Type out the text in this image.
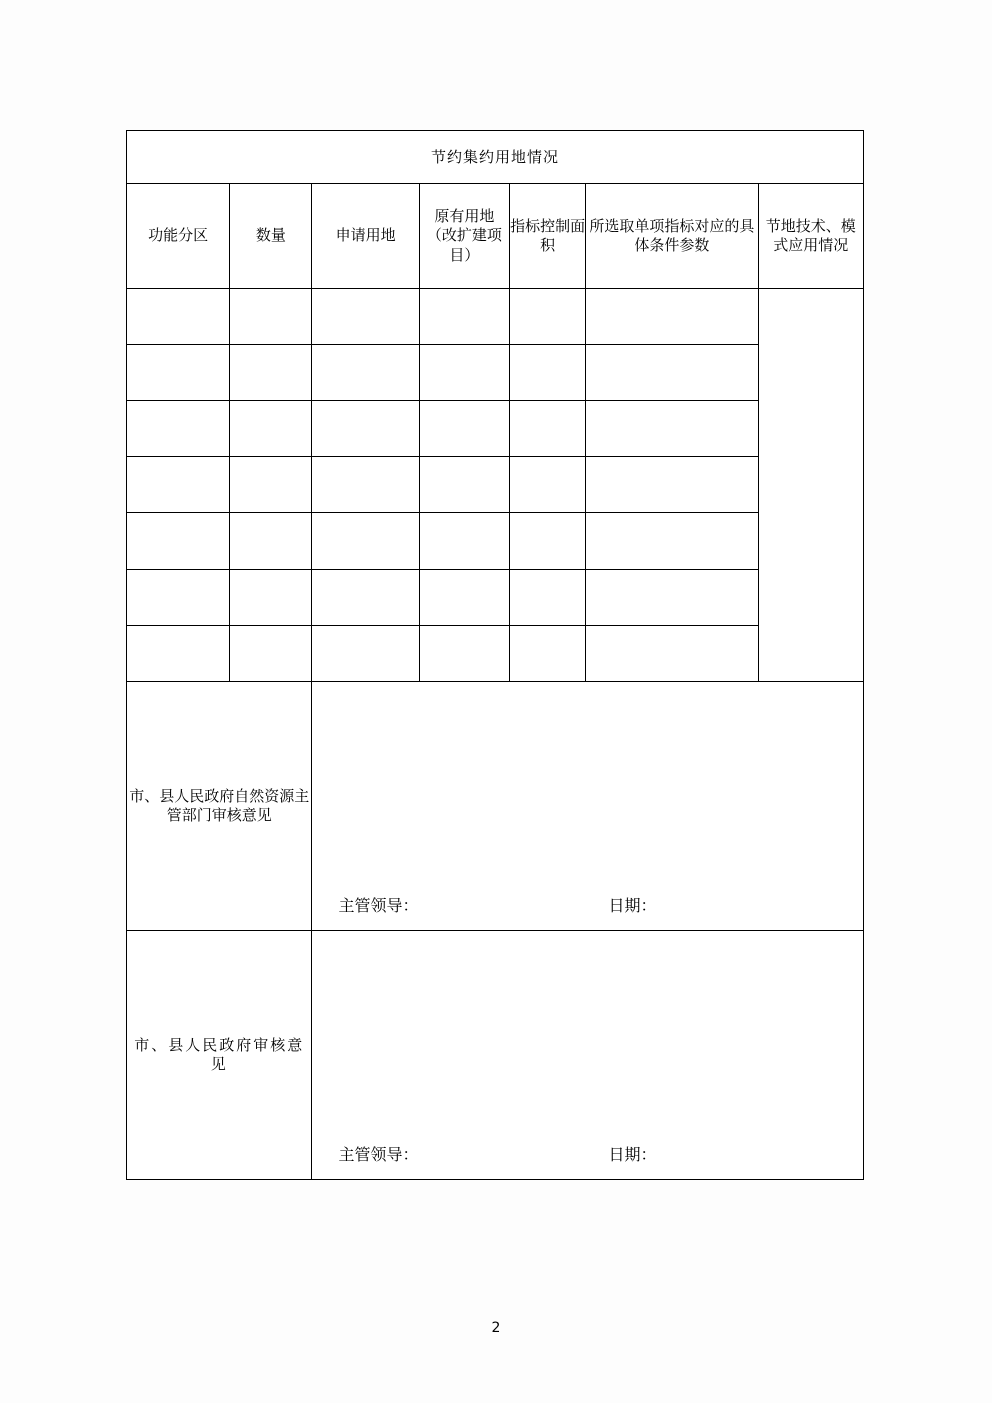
节约集约用地情况						

功能分区	数量	申请用地	原有用地（改扩建项目）	指标控制面积	所选取单项指标对应的具体条件参数	节地技术、模式应用情况

市、县人民政府自然资源主管部门审核意见		主管领导： 日期：				

市、县人民政府审核意见		主管领导： 日期：				
2
